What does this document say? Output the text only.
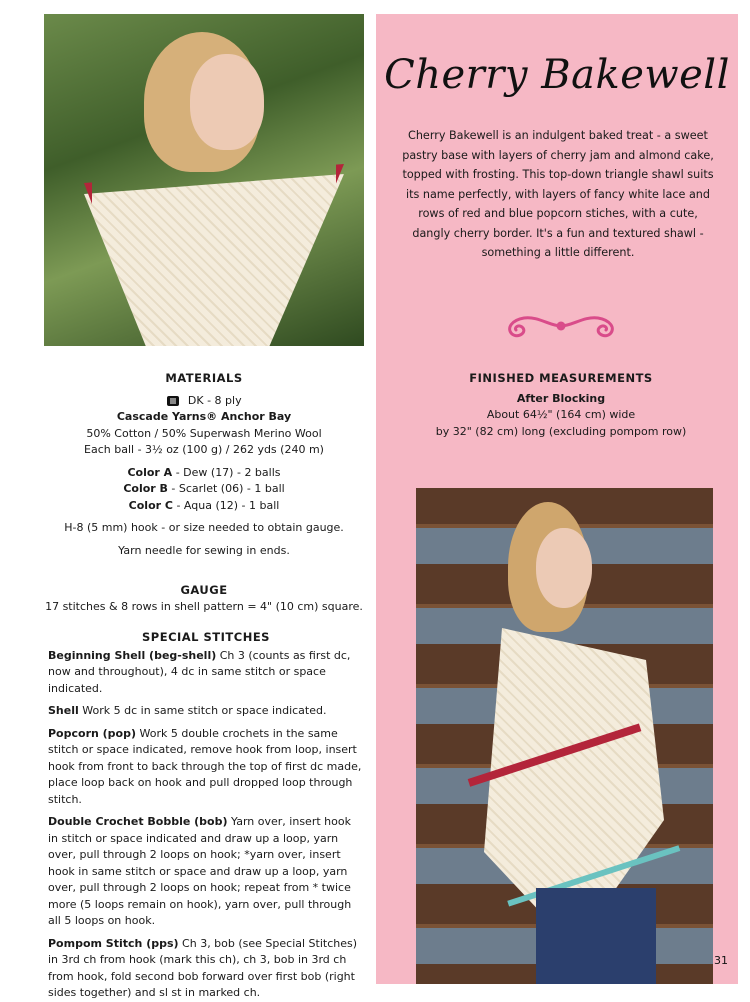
Cherry Bakewell
Cherry Bakewell is an indulgent baked treat - a sweet pastry base with layers of cherry jam and almond cake, topped with frosting. This top-down triangle shawl suits its name perfectly, with layers of fancy white lace and rows of red and blue popcorn stiches, with a cute, dangly cherry border. It's a fun and textured shawl - something a little different.

MATERIALS

DK - 8 ply

Cascade Yarns® Anchor Bay

50% Cotton / 50% Superwash Merino Wool

Each ball - 3½ oz (100 g) / 262 yds (240 m)

Color A - Dew (17) - 2 balls

Color B - Scarlet (06) - 1 ball

Color C - Aqua (12) - 1 ball

H-8 (5 mm) hook - or size needed to obtain gauge.

Yarn needle for sewing in ends.

GAUGE

17 stitches & 8 rows in shell pattern = 4" (10 cm) square.

SPECIAL STITCHES

Beginning Shell (beg-shell) Ch 3 (counts as first dc, now and throughout), 4 dc in same stitch or space indicated.

Shell Work 5 dc in same stitch or space indicated.

Popcorn (pop) Work 5 double crochets in the same stitch or space indicated, remove hook from loop, insert hook from front to back through the top of first dc made, place loop back on hook and pull dropped loop through stitch.

Double Crochet Bobble (bob) Yarn over, insert hook in stitch or space indicated and draw up a loop, yarn over, pull through 2 loops on hook; *yarn over, insert hook in same stitch or space and draw up a loop, yarn over, pull through 2 loops on hook; repeat from * twice more (5 loops remain on hook), yarn over, pull through all 5 loops on hook.

Pompom Stitch (pps) Ch 3, bob (see Special Stitches) in 3rd ch from hook (mark this ch), ch 3, bob in 3rd ch from hook, fold second bob forward over first bob (right sides together) and sl st in marked ch.

FINISHED MEASUREMENTS

After Blocking

About 64½" (164 cm) wide

by 32" (82 cm) long (excluding pompom row)

31
